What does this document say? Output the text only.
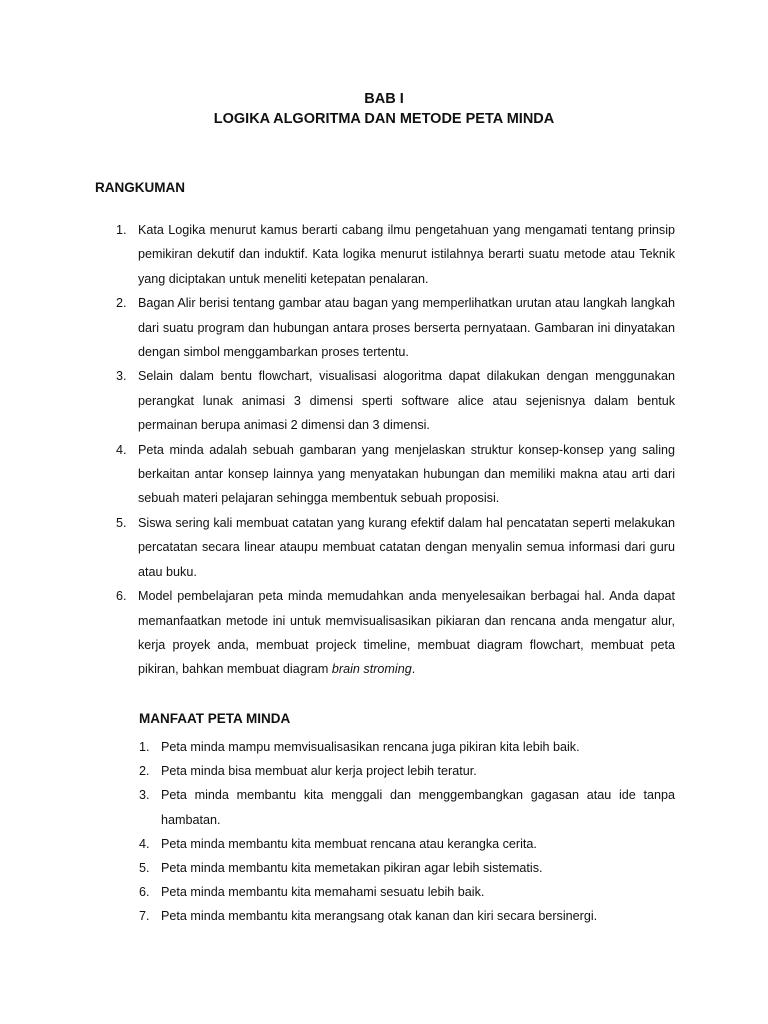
BAB I
LOGIKA ALGORITMA DAN METODE PETA MINDA
RANGKUMAN
1. Kata Logika menurut kamus berarti cabang ilmu pengetahuan yang mengamati tentang prinsip pemikiran dekutif dan induktif. Kata logika menurut istilahnya berarti suatu metode atau Teknik yang diciptakan untuk meneliti ketepatan penalaran.
2. Bagan Alir berisi tentang gambar atau bagan yang memperlihatkan urutan atau langkah langkah dari suatu program dan hubungan antara proses berserta pernyataan. Gambaran ini dinyatakan dengan simbol menggambarkan proses tertentu.
3. Selain dalam bentu flowchart, visualisasi alogoritma dapat dilakukan dengan menggunakan perangkat lunak animasi 3 dimensi sperti software alice atau sejenisnya dalam bentuk permainan berupa animasi 2 dimensi dan 3 dimensi.
4. Peta minda adalah sebuah gambaran yang menjelaskan struktur konsep-konsep yang saling berkaitan antar konsep lainnya yang menyatakan hubungan dan memiliki makna atau arti dari sebuah materi pelajaran sehingga membentuk sebuah proposisi.
5. Siswa sering kali membuat catatan yang kurang efektif dalam hal pencatatan seperti melakukan percatatan secara linear ataupu membuat catatan dengan menyalin semua informasi dari guru atau buku.
6. Model pembelajaran peta minda memudahkan anda menyelesaikan berbagai hal. Anda dapat memanfaatkan metode ini untuk memvisualisasikan pikiaran dan rencana anda mengatur alur, kerja proyek anda, membuat projeck timeline, membuat diagram flowchart, membuat peta pikiran, bahkan membuat diagram brain stroming.
MANFAAT PETA MINDA
1. Peta minda mampu memvisualisasikan rencana juga pikiran kita lebih baik.
2. Peta minda bisa membuat alur kerja project lebih teratur.
3. Peta minda membantu kita menggali dan menggembangkan gagasan atau ide tanpa hambatan.
4. Peta minda membantu kita membuat rencana atau kerangka cerita.
5. Peta minda membantu kita memetakan pikiran agar lebih sistematis.
6. Peta minda membantu kita memahami sesuatu lebih baik.
7. Peta minda membantu kita merangsang otak kanan dan kiri secara bersinergi.
